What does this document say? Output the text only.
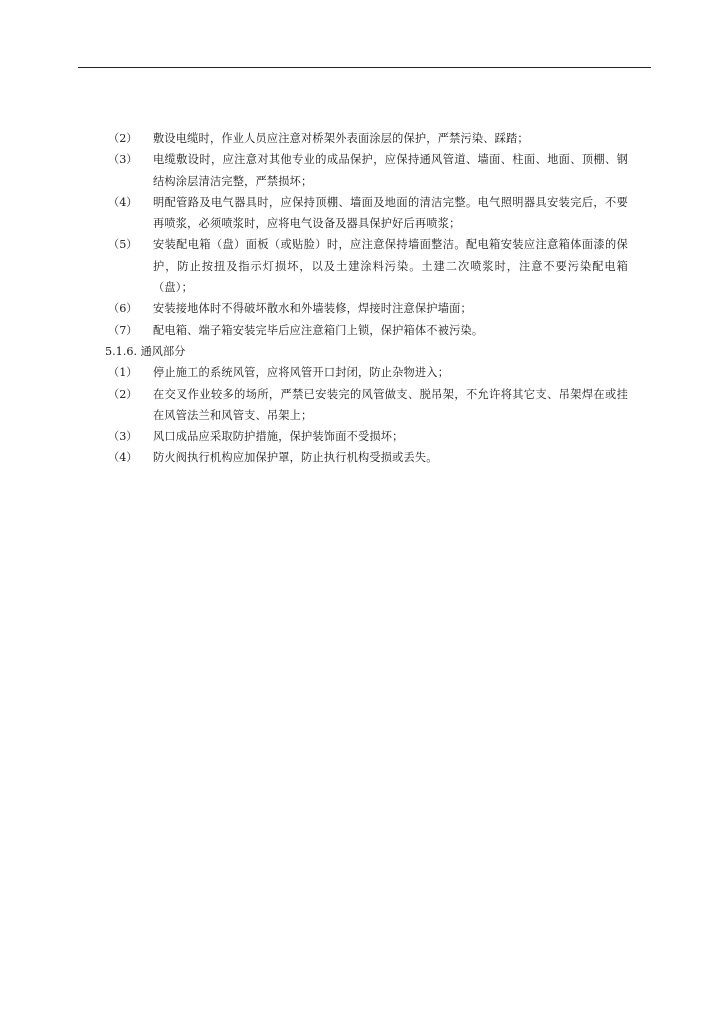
（2）	敷设电缆时，作业人员应注意对桥架外表面涂层的保护，严禁污染、踩踏；
（3）	电缆敷设时，应注意对其他专业的成品保护，应保持通风管道、墙面、柱面、地面、顶棚、钢结构涂层清洁完整，严禁损坏；
（4）	明配管路及电气器具时，应保持顶棚、墙面及地面的清洁完整。电气照明器具安装完后，不要再喷浆，必须喷浆时，应将电气设备及器具保护好后再喷浆；
（5）	安装配电箱（盘）面板（或贴脸）时，应注意保持墙面整洁。配电箱安装应注意箱体面漆的保护，防止按扭及指示灯损坏，以及土建涂料污染。土建二次喷浆时，注意不要污染配电箱（盘）；
（6）	安装接地体时不得破坏散水和外墙装修，焊接时注意保护墙面；
（7）	配电箱、端子箱安装完毕后应注意箱门上锁，保护箱体不被污染。
5.1.6. 通风部分
（1）	停止施工的系统风管，应将风管开口封闭，防止杂物进入；
（2）	在交叉作业较多的场所，严禁已安装完的风管做支、脱吊架，不允许将其它支、吊架焊在或挂在风管法兰和风管支、吊架上；
（3）	风口成品应采取防护措施，保护装饰面不受损坏；
（4）	防火阀执行机构应加保护罩，防止执行机构受损或丢失。
